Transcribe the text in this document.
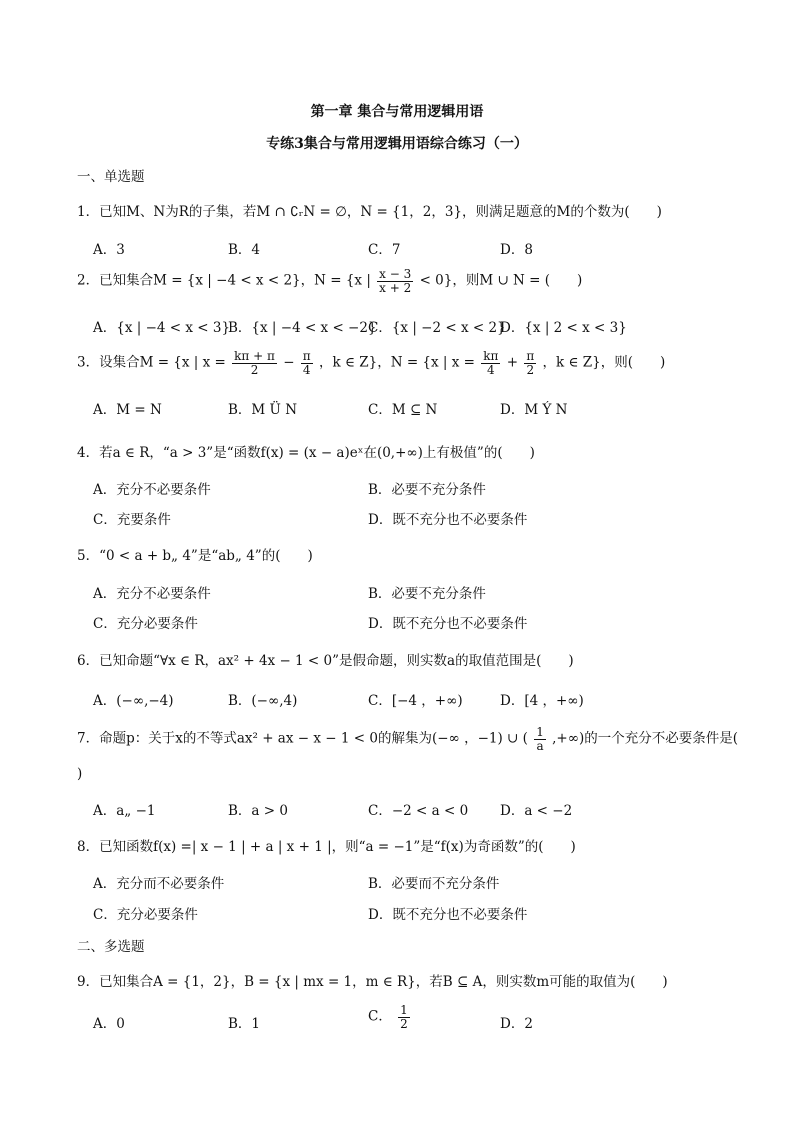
第一章 集合与常用逻辑用语
专练3集合与常用逻辑用语综合练习（一）
一、单选题
1．已知M、N为R的子集，若M ∩ ∁ᵣN = ∅，N = {1，2，3}，则满足题意的M的个数为(　　)
A．3	B．4	C．7	D．8
2．已知集合M = {x | −4 < x < 2}，N = {x | $\frac{x - 3}{x + 2} < 0$}，则M ∪ N = (　　)
A．{x | −4 < x < 3}
B．{x | −4 < x < −2}
C．{x | −2 < x < 2}
D．{x | 2 < x < 3}
3．设集合M = {x | $x = \frac{k\pi + \pi}{2} - \frac{\pi}{4}$ ，k ∈ Z}，N = {x | $x = \frac{k\pi}{4} + \frac{\pi}{2}$ ，k ∈ Z}，则(　　)
A．M = N	B．M Ü N	C．M ⊆ N	D．M Ý N
4．若a ∈ R，“a > 3”是“函数f(x) = (x − a)eˣ在(0,+∞)上有极值”的(　　)
A．充分不必要条件	B．必要不充分条件
C．充要条件	D．既不充分也不必要条件
5．“0 < a + b„ 4”是“ab„ 4”的(　　)
A．充分不必要条件	B．必要不充分条件
C．充分必要条件	D．既不充分也不必要条件
6．已知命题“∀x ∈ R，ax² + 4x − 1 < 0”是假命题，则实数a的取值范围是(　　)
A．(−∞,−4)	B．(−∞,4)	C．[−4 ，+∞)	D．[4 ，+∞)
7．命题p：关于x的不等式ax² + ax − x − 1 < 0的解集为(−∞ ，−1) ∪ ( $\frac{1}{a}$ ,+∞)的一个充分不必要条件是(
)
A．a„ −1	B．a > 0	C．−2 < a < 0 D．a < −2
8．已知函数f(x) =| x − 1 | + a | x + 1 |，则“a = −1”是“f(x)为奇函数”的(　　)
A．充分而不必要条件	B．必要而不充分条件
C．充分必要条件	D．既不充分也不必要条件
二、多选题
9．已知集合A = {1，2}，B = {x | mx = 1，m ∈ R}，若B ⊆ A，则实数m可能的取值为(　　)
A．0	B．1	C． $\frac{1}{2}$	D．2
